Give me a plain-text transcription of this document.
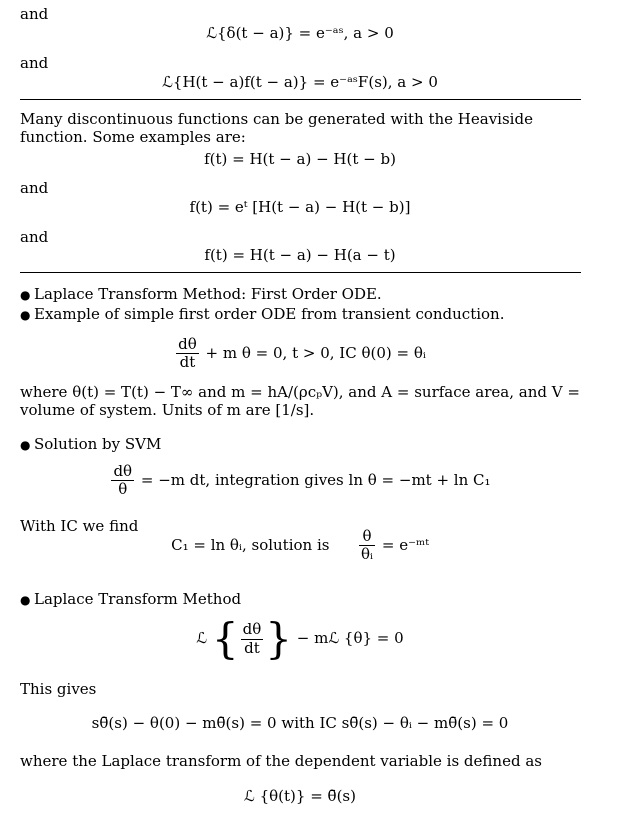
and
ℒ{δ(t − a)} = e⁻ᵃˢ, a > 0
and
ℒ{H(t − a)f(t − a)} = e⁻ᵃˢF(s), a > 0
Many discontinuous functions can be generated with the Heaviside function. Some examples are:
f(t) = H(t − a) − H(t − b)
and
f(t) = eᵗ [H(t − a) − H(t − b)]
and
f(t) = H(t − a) − H(a − t)
● Laplace Transform Method: First Order ODE.
● Example of simple first order ODE from transient conduction.
$\frac{d\theta}{dt} + m$ θ = 0, t > 0, IC θ(0) = θᵢ
where θ(t) = T(t) − T∞ and m = hA/(ρcₚV), and A = surface area, and V = volume of system. Units of m are [1/s].
● Solution by SVM
$\frac{d\theta}{\theta} = -m$ dt, integration gives ln θ = −mt + ln C₁
With IC we find
C₁ = ln θᵢ, solution is $\frac{\theta}{\text{θᵢ}}$ = e⁻ᵐᵗ
● Laplace Transform Method
ℒ { $\frac{d\theta}{dt}$ } − mℒ {θ} = 0
This gives
sθ̄(s) − θ(0) − mθ̄(s) = 0 with IC sθ̄(s) − θᵢ − mθ̄(s) = 0
where the Laplace transform of the dependent variable is defined as
ℒ {θ(t)} = θ̄(s)
